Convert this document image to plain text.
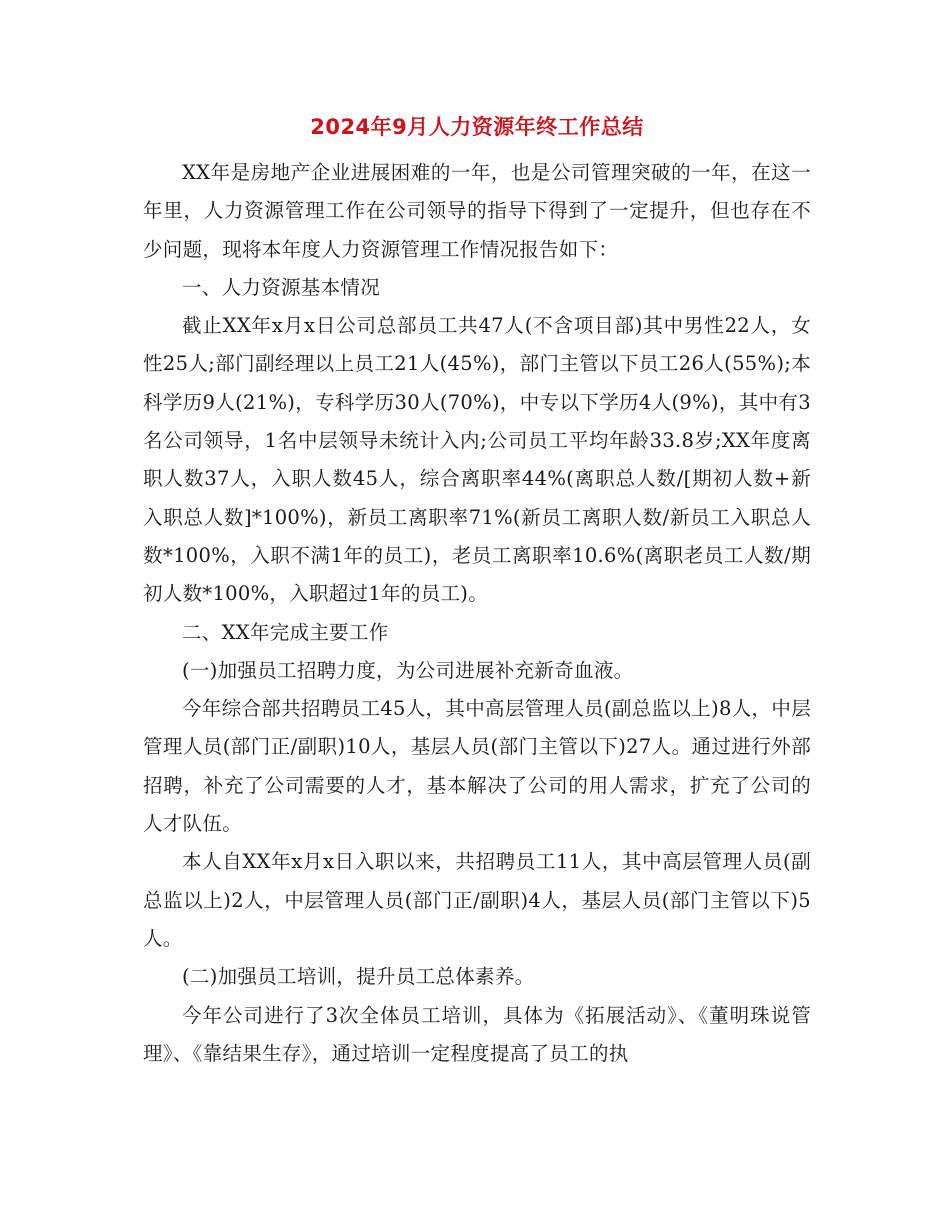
2024年9月人力资源年终工作总结

XX年是房地产企业进展困难的一年，也是公司管理突破的一年，在这一年里，人力资源管理工作在公司领导的指导下得到了一定提升，但也存在不少问题，现将本年度人力资源管理工作情况报告如下：

一、人力资源基本情况

截止XX年x月x日公司总部员工共47人(不含项目部)其中男性22人，女性25人;部门副经理以上员工21人(45%)，部门主管以下员工26人(55%);本科学历9人(21%)，专科学历30人(70%)，中专以下学历4人(9%)，其中有3名公司领导，1名中层领导未统计入内;公司员工平均年龄33.8岁;XX年度离职人数37人，入职人数45人，综合离职率44%(离职总人数/[期初人数+新入职总人数]*100%)，新员工离职率71%(新员工离职人数/新员工入职总人数*100%，入职不满1年的员工)，老员工离职率10.6%(离职老员工人数/期初人数*100%，入职超过1年的员工)。

二、XX年完成主要工作

(一)加强员工招聘力度，为公司进展补充新奇血液。

今年综合部共招聘员工45人，其中高层管理人员(副总监以上)8人，中层管理人员(部门正/副职)10人，基层人员(部门主管以下)27人。通过进行外部招聘，补充了公司需要的人才，基本解决了公司的用人需求，扩充了公司的人才队伍。

本人自XX年x月x日入职以来，共招聘员工11人，其中高层管理人员(副总监以上)2人，中层管理人员(部门正/副职)4人，基层人员(部门主管以下)5人。

(二)加强员工培训，提升员工总体素养。

今年公司进行了3次全体员工培训，具体为《拓展活动》、《董明珠说管理》、《靠结果生存》，通过培训一定程度提高了员工的执
